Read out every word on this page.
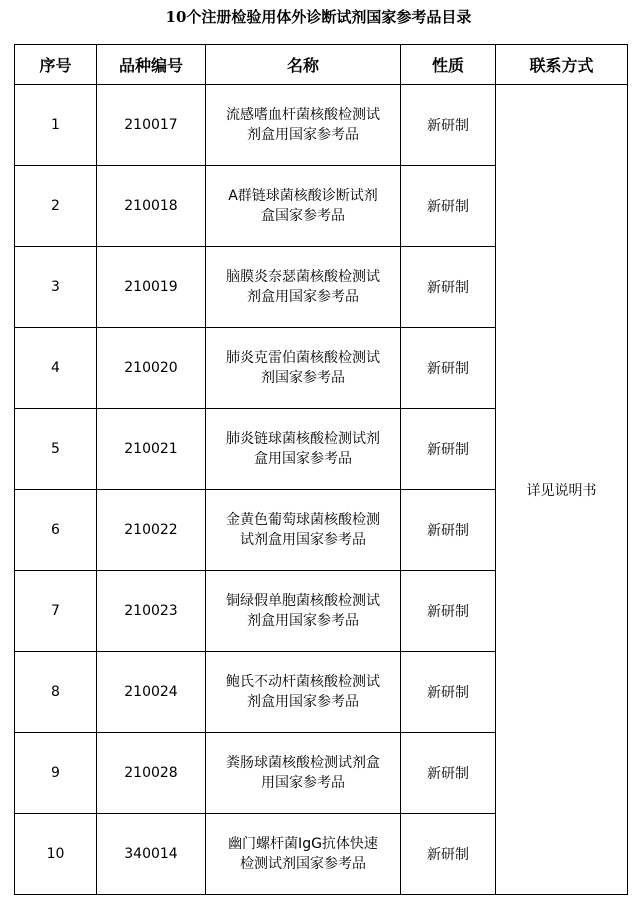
10个注册检验用体外诊断试剂国家参考品目录
序号	品种编号	名称	性质	联系方式
1	210017	流感嗜血杆菌核酸检测试
剂盒用国家参考品	新研制	详见说明书
2	210018	A群链球菌核酸诊断试剂
盒国家参考品	新研制	
3	210019	脑膜炎奈瑟菌核酸检测试
剂盒用国家参考品	新研制	
4	210020	肺炎克雷伯菌核酸检测试
剂国家参考品	新研制	
5	210021	肺炎链球菌核酸检测试剂
盒用国家参考品	新研制	
6	210022	金黄色葡萄球菌核酸检测
试剂盒用国家参考品	新研制	
7	210023	铜绿假单胞菌核酸检测试
剂盒用国家参考品	新研制	
8	210024	鲍氏不动杆菌核酸检测试
剂盒用国家参考品	新研制	
9	210028	粪肠球菌核酸检测试剂盒
用国家参考品	新研制	
10	340014	幽门螺杆菌IgG抗体快速
检测试剂国家参考品	新研制	
